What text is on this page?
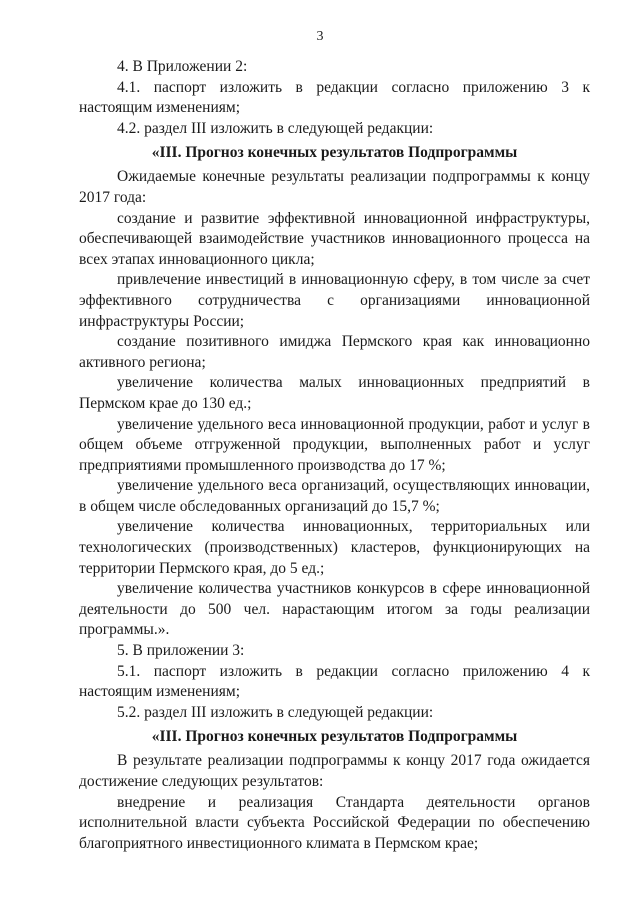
3

4. В Приложении 2:

4.1. паспорт изложить в редакции согласно приложению 3 к настоящим изменениям;

4.2. раздел III изложить в следующей редакции:

«III. Прогноз конечных результатов Подпрограммы

Ожидаемые конечные результаты реализации подпрограммы к концу 2017 года:

создание и развитие эффективной инновационной инфраструктуры, обеспечивающей взаимодействие участников инновационного процесса на всех этапах инновационного цикла;

привлечение инвестиций в инновационную сферу, в том числе за счет эффективного сотрудничества с организациями инновационной инфраструктуры России;

создание позитивного имиджа Пермского края как инновационно активного региона;

увеличение количества малых инновационных предприятий в Пермском крае до 130 ед.;

увеличение удельного веса инновационной продукции, работ и услуг в общем объеме отгруженной продукции, выполненных работ и услуг предприятиями промышленного производства до 17 %;

увеличение удельного веса организаций, осуществляющих инновации, в общем числе обследованных организаций до 15,7 %;

увеличение количества инновационных, территориальных или технологических (производственных) кластеров, функционирующих на территории Пермского края, до 5 ед.;

увеличение количества участников конкурсов в сфере инновационной деятельности до 500 чел. нарастающим итогом за годы реализации программы.».

5. В приложении 3:

5.1. паспорт изложить в редакции согласно приложению 4 к настоящим изменениям;

5.2. раздел III изложить в следующей редакции:

«III. Прогноз конечных результатов Подпрограммы

В результате реализации подпрограммы к концу 2017 года ожидается достижение следующих результатов:

внедрение и реализация Стандарта деятельности органов исполнительной власти субъекта Российской Федерации по обеспечению благоприятного инвестиционного климата в Пермском крае;
